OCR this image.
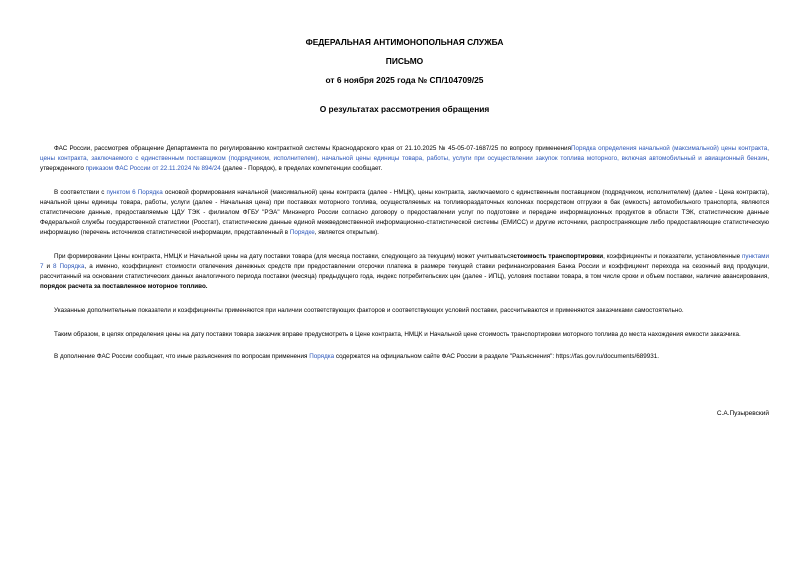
ФЕДЕРАЛЬНАЯ АНТИМОНОПОЛЬНАЯ СЛУЖБА
ПИСЬМО
от 6 ноября 2025 года № СП/104709/25
О результатах рассмотрения обращения

ФАС России, рассмотрев обращение Департамента по регулированию контрактной системы Краснодарского края от 21.10.2025 № 45-05-07-1687/25 по вопросу примененияПорядка определения начальной (максимальной) цены контракта, цены контракта, заключаемого с единственным поставщиком (подрядчиком, исполнителем), начальной цены единицы товара, работы, услуги при осуществлении закупок топлива моторного, включая автомобильный и авиационный бензин, утвержденного приказом ФАС России от 22.11.2024 № 894/24 (далее - Порядок), в пределах компетенции сообщает.

В соответствии с пунктом 6 Порядка основой формирования начальной (максимальной) цены контракта (далее - НМЦК), цены контракта, заключаемого с единственным поставщиком (подрядчиком, исполнителем) (далее - Цена контракта), начальной цены единицы товара, работы, услуги (далее - Начальная цена) при поставках моторного топлива, осуществляемых на топливораздаточных колонках посредством отгрузки в бак (емкость) автомобильного транспорта, являются статистические данные, предоставляемые ЦДУ ТЭК - филиалом ФГБУ "РЭА" Минэнерго России согласно договору о предоставлении услуг по подготовке и передаче информационных продуктов в области ТЭК, статистические данные Федеральной службы государственной статистики (Росстат), статистические данные единой межведомственной информационно-статистической системы (ЕМИСС) и другие источники, распространяющие либо предоставляющие статистическую информацию (перечень источников статистической информации, представленный в Порядке, является открытым).

При формировании Цены контракта, НМЦК и Начальной цены на дату поставки товара (для месяца поставки, следующего за текущим) может учитыватьсястоимость транспортировки, коэффициенты и показатели, установленные пунктами 7 и 8 Порядка, а именно, коэффициент стоимости отвлечения денежных средств при предоставлении отсрочки платежа в размере текущей ставки рефинансирования Банка России и коэффициент перехода на сезонный вид продукции, рассчитанный на основании статистических данных аналогичного периода поставки (месяца) предыдущего года, индекс потребительских цен (далее - ИПЦ), условия поставки товара, в том числе сроки и объем поставки, наличие авансирования, порядок расчета за поставленное моторное топливо.

Указанные дополнительные показатели и коэффициенты применяются при наличии соответствующих факторов и соответствующих условий поставки, рассчитываются и применяются заказчиками самостоятельно.

Таким образом, в целях определения цены на дату поставки товара заказчик вправе предусмотреть в Цене контракта, НМЦК и Начальной цене стоимость транспортировки моторного топлива до места нахождения емкости заказчика.

В дополнение ФАС России сообщает, что иные разъяснения по вопросам применения Порядка содержатся на официальном сайте ФАС России в разделе "Разъяснения": https://fas.gov.ru/documents/689931.

С.А.Пузыревский
